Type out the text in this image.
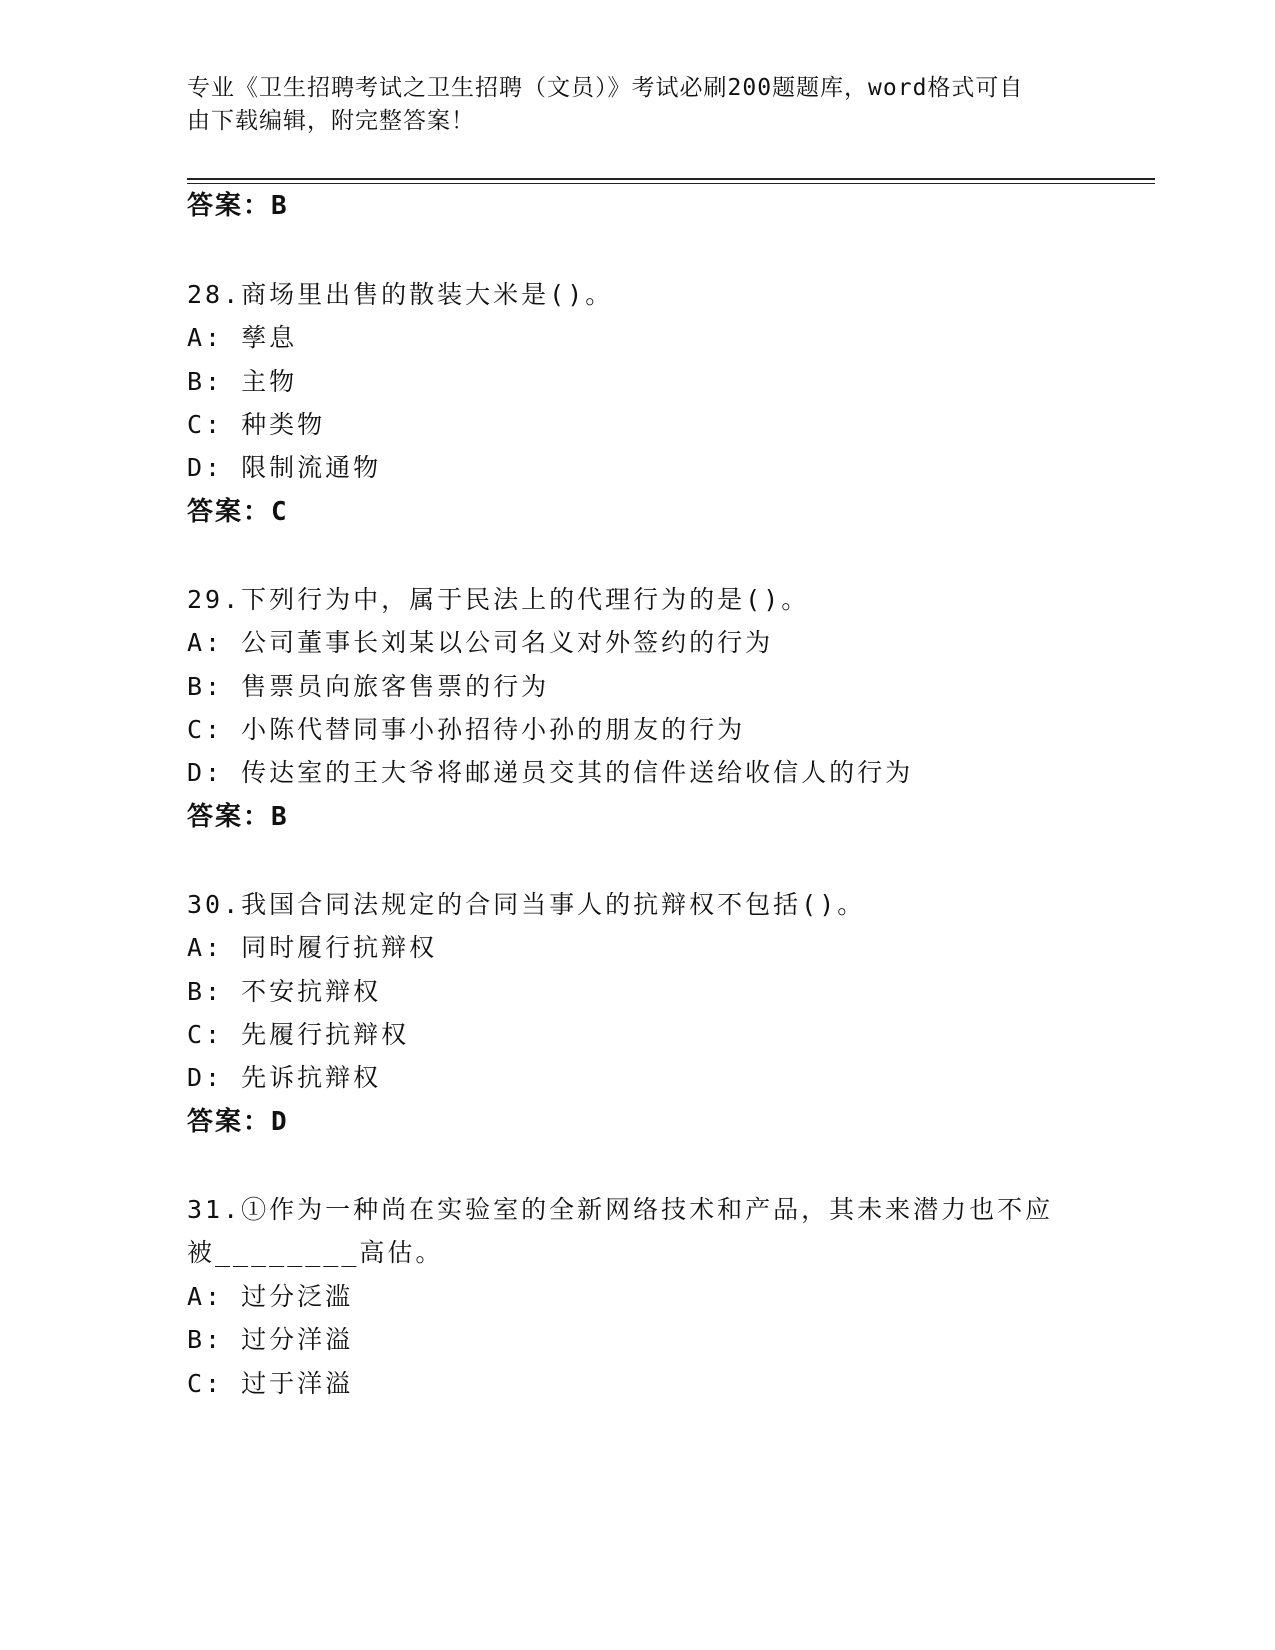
专业《卫生招聘考试之卫生招聘（文员）》考试必刷200题题库，word格式可自
由下载编辑，附完整答案！
答案：B
28.商场里出售的散装大米是()。
A: 孳息
B: 主物
C: 种类物
D: 限制流通物
答案：C
29.下列行为中，属于民法上的代理行为的是()。
A: 公司董事长刘某以公司名义对外签约的行为
B: 售票员向旅客售票的行为
C: 小陈代替同事小孙招待小孙的朋友的行为
D: 传达室的王大爷将邮递员交其的信件送给收信人的行为
答案：B
30.我国合同法规定的合同当事人的抗辩权不包括()。
A: 同时履行抗辩权
B: 不安抗辩权
C: 先履行抗辩权
D: 先诉抗辩权
答案：D
31.①作为一种尚在实验室的全新网络技术和产品，其未来潜力也不应
被________高估。
A: 过分泛滥
B: 过分洋溢
C: 过于洋溢
